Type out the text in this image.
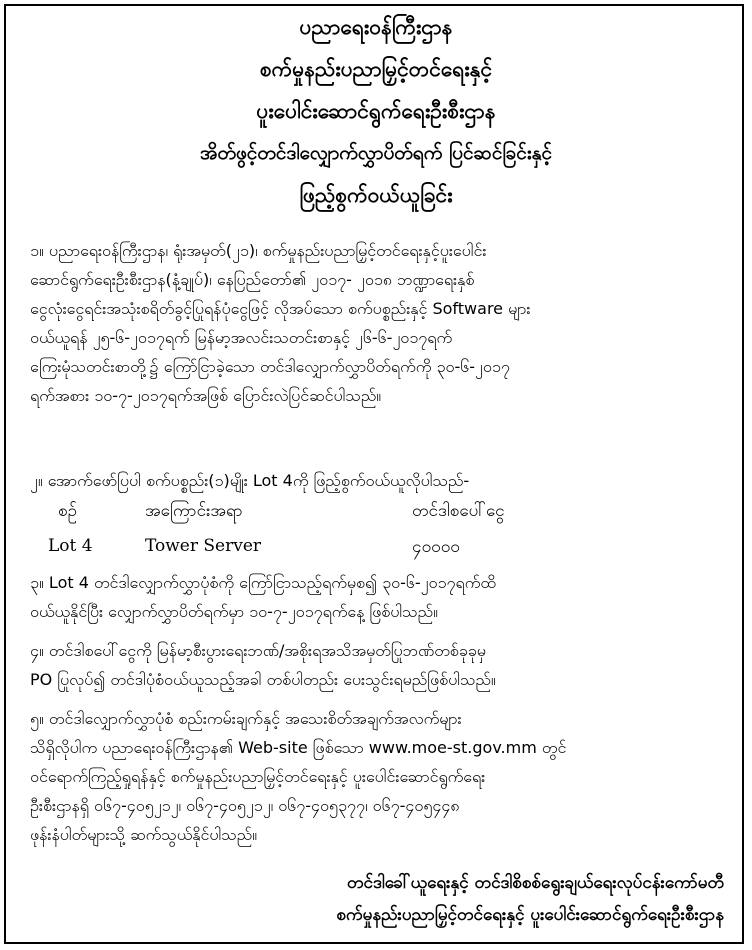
ပညာရေးဝန်ကြီးဌာန
စက်မှုနည်းပညာမြှင့်တင်ရေးနှင့်
ပူးပေါင်းဆောင်ရွက်ရေးဦးစီးဌာန
အိတ်ဖွင့်တင်ဒါလျှောက်လွှာပိတ်ရက် ပြင်ဆင်ခြင်းနှင့်
ဖြည့်စွက်ဝယ်ယူခြင်း
၁။ ပညာရေးဝန်ကြီးဌာန၊ ရုံးအမှတ်(၂၁)၊ စက်မှုနည်းပညာမြှင့်တင်ရေးနှင့်ပူးပေါင်း
ဆောင်ရွက်ရေးဦးစီးဌာန(နံ့ချုပ်)၊ နေပြည်တော်၏ ၂၀၁၇- ၂၀၁၈ ဘဏ္ဍာရေးနှစ်
ငွေလုံးငွေရင်းအသုံးစရိတ်ခွင့်ပြုရန်ပုံငွေဖြင့် လိုအပ်သော စက်ပစ္စည်းနှင့် Software များ
ဝယ်ယူရန် ၂၅-၆-၂၀၁၇ရက် မြန်မာ့အလင်းသတင်းစာနှင့် ၂၆-၆-၂၀၁၇ရက်
ကြေးမုံသတင်းစာတို့၌ ကြော်ငြာခဲ့သော တင်ဒါလျှောက်လွှာပိတ်ရက်ကို ၃၀-၆-၂၀၁၇
ရက်အစား ၁၀-၇-၂၀၁၇ရက်အဖြစ် ပြောင်းလဲပြင်ဆင်ပါသည်။
၂။ အောက်ဖော်ပြပါ စက်ပစ္စည်း(၁)မျိုး Lot 4ကို ဖြည့်စွက်ဝယ်ယူလိုပါသည်-
စဉ်	အကြောင်းအရာ	တင်ဒါစပေါ်ငွေ
Lot 4	Tower Server	၄၀၀၀၀
၃။ Lot 4 တင်ဒါလျှောက်လွှာပုံစံကို ကြော်ငြာသည့်ရက်မှစ၍ ၃၀-၆-၂၀၁၇ရက်ထိ
ဝယ်ယူနိုင်ပြီး လျှောက်လွှာပိတ်ရက်မှာ ၁၀-၇-၂၀၁၇ရက်နေ့ ဖြစ်ပါသည်။
၄။ တင်ဒါစပေါ်ငွေကို မြန်မာ့စီးပွားရေးဘဏ်/အစိုးရအသိအမှတ်ပြုဘဏ်တစ်ခုခုမှ
PO ပြုလုပ်၍ တင်ဒါပုံစံဝယ်ယူသည့်အခါ တစ်ပါတည်း ပေးသွင်းရမည်ဖြစ်ပါသည်။
၅။ တင်ဒါလျှောက်လွှာပုံစံ စည်းကမ်းချက်နှင့် အသေးစိတ်အချက်အလက်များ
သိရှိလိုပါက ပညာရေးဝန်ကြီးဌာန၏ Web-site ဖြစ်သော www.moe-st.gov.mm တွင်
ဝင်ရောက်ကြည့်ရှုရန်နှင့် စက်မှုနည်းပညာမြှင့်တင်ရေးနှင့် ပူးပေါင်းဆောင်ရွက်ရေး
ဦးစီးဌာနရှိ ၀၆၇-၄၀၅၂၁၂၊ ၀၆၇-၄၀၅၂၁၂၊ ၀၆၇-၄၀၅၃၇၇၊ ၀၆၇-၄၀၅၄၄၈
ဖုန်းနံပါတ်များသို့ ဆက်သွယ်နိုင်ပါသည်။
တင်ဒါခေါ်ယူရေးနှင့် တင်ဒါစိစစ်ရွေးချယ်ရေးလုပ်ငန်းကော်မတီ
စက်မှုနည်းပညာမြှင့်တင်ရေးနှင့် ပူးပေါင်းဆောင်ရွက်ရေးဦးစီးဌာန
